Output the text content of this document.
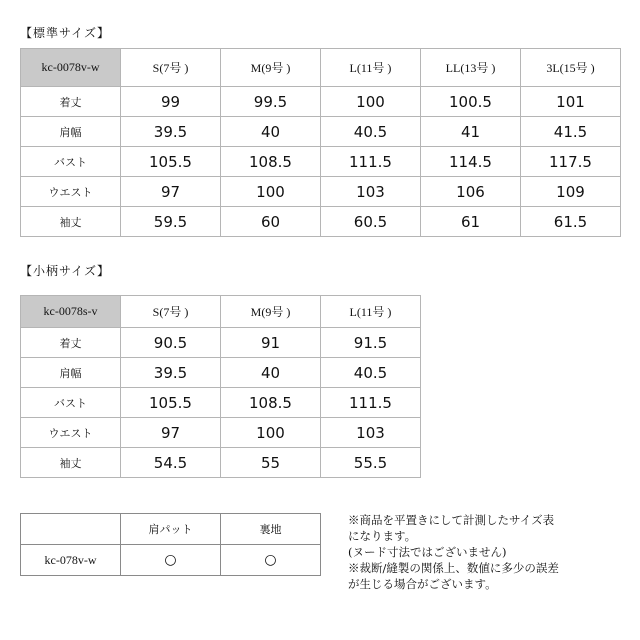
【標準サイズ】
kc-0078v-w	S(7号 )	M(9号 )	L(11号 )	LL(13号 )	3L(15号 )
着丈	99	99.5	100	100.5	101
肩幅	39.5	40	40.5	41	41.5
バスト	105.5	108.5	111.5	114.5	117.5
ウエスト	97	100	103	106	109
袖丈	59.5	60	60.5	61	61.5
【小柄サイズ】
kc-0078s-v	S(7号 )	M(9号 )	L(11号 )
着丈	90.5	91	91.5
肩幅	39.5	40	40.5
バスト	105.5	108.5	111.5
ウエスト	97	100	103
袖丈	54.5	55	55.5
	肩パット	裏地
kc-078v-w	○	○
※商品を平置きにして計測したサイズ表
になります。
(ヌード寸法ではございません)
※裁断/縫製の関係上、数値に多少の誤差
が生じる場合がございます。
